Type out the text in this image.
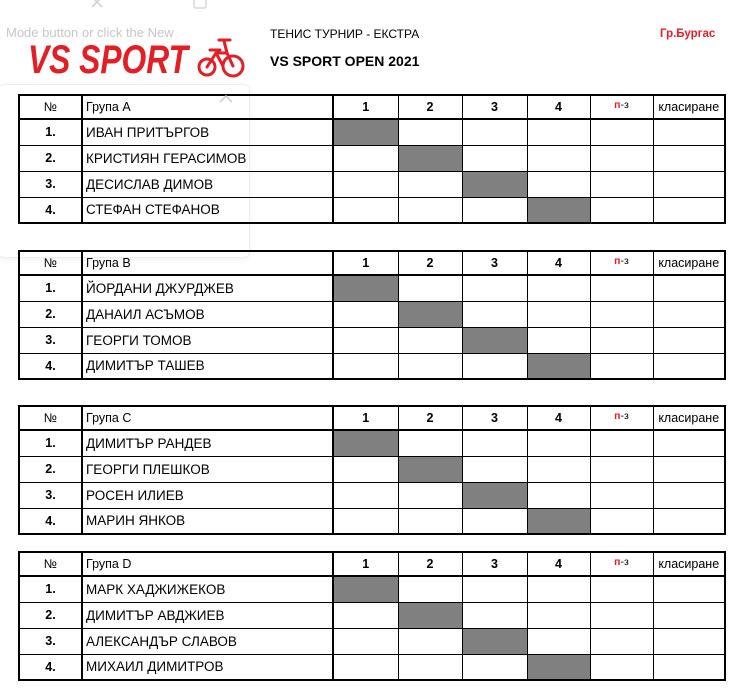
Mode button or click the New
VS SPORT
ТЕНИС ТУРНИР - ЕКСТРА
VS SPORT OPEN 2021
Гр.Бургас
№	Група А	1	2	3	4	п-з	класиране
1.	ИВАН ПРИТЪРГОВ						
2.	КРИСТИЯН ГЕРАСИМОВ						
3.	ДЕСИСЛАВ ДИМОВ						
4.	СТЕФАН СТЕФАНОВ						
№	Група B	1	2	3	4	п-з	класиране
1.	ЙОРДАНИ ДЖУРДЖЕВ						
2.	ДАНАИЛ АСЪМОВ						
3.	ГЕОРГИ ТОМОВ						
4.	ДИМИТЪР ТАШЕВ						
№	Група C	1	2	3	4	п-з	класиране
1.	ДИМИТЪР РАНДЕВ						
2.	ГЕОРГИ ПЛЕШКОВ						
3.	РОСЕН ИЛИЕВ						
4.	МАРИН ЯНКОВ						
№	Група D	1	2	3	4	п-з	класиране
1.	МАРК ХАДЖИЖЕКОВ						
2.	ДИМИТЪР АВДЖИЕВ						
3.	АЛЕКСАНДЪР СЛАВОВ						
4.	МИХАИЛ ДИМИТРОВ						
